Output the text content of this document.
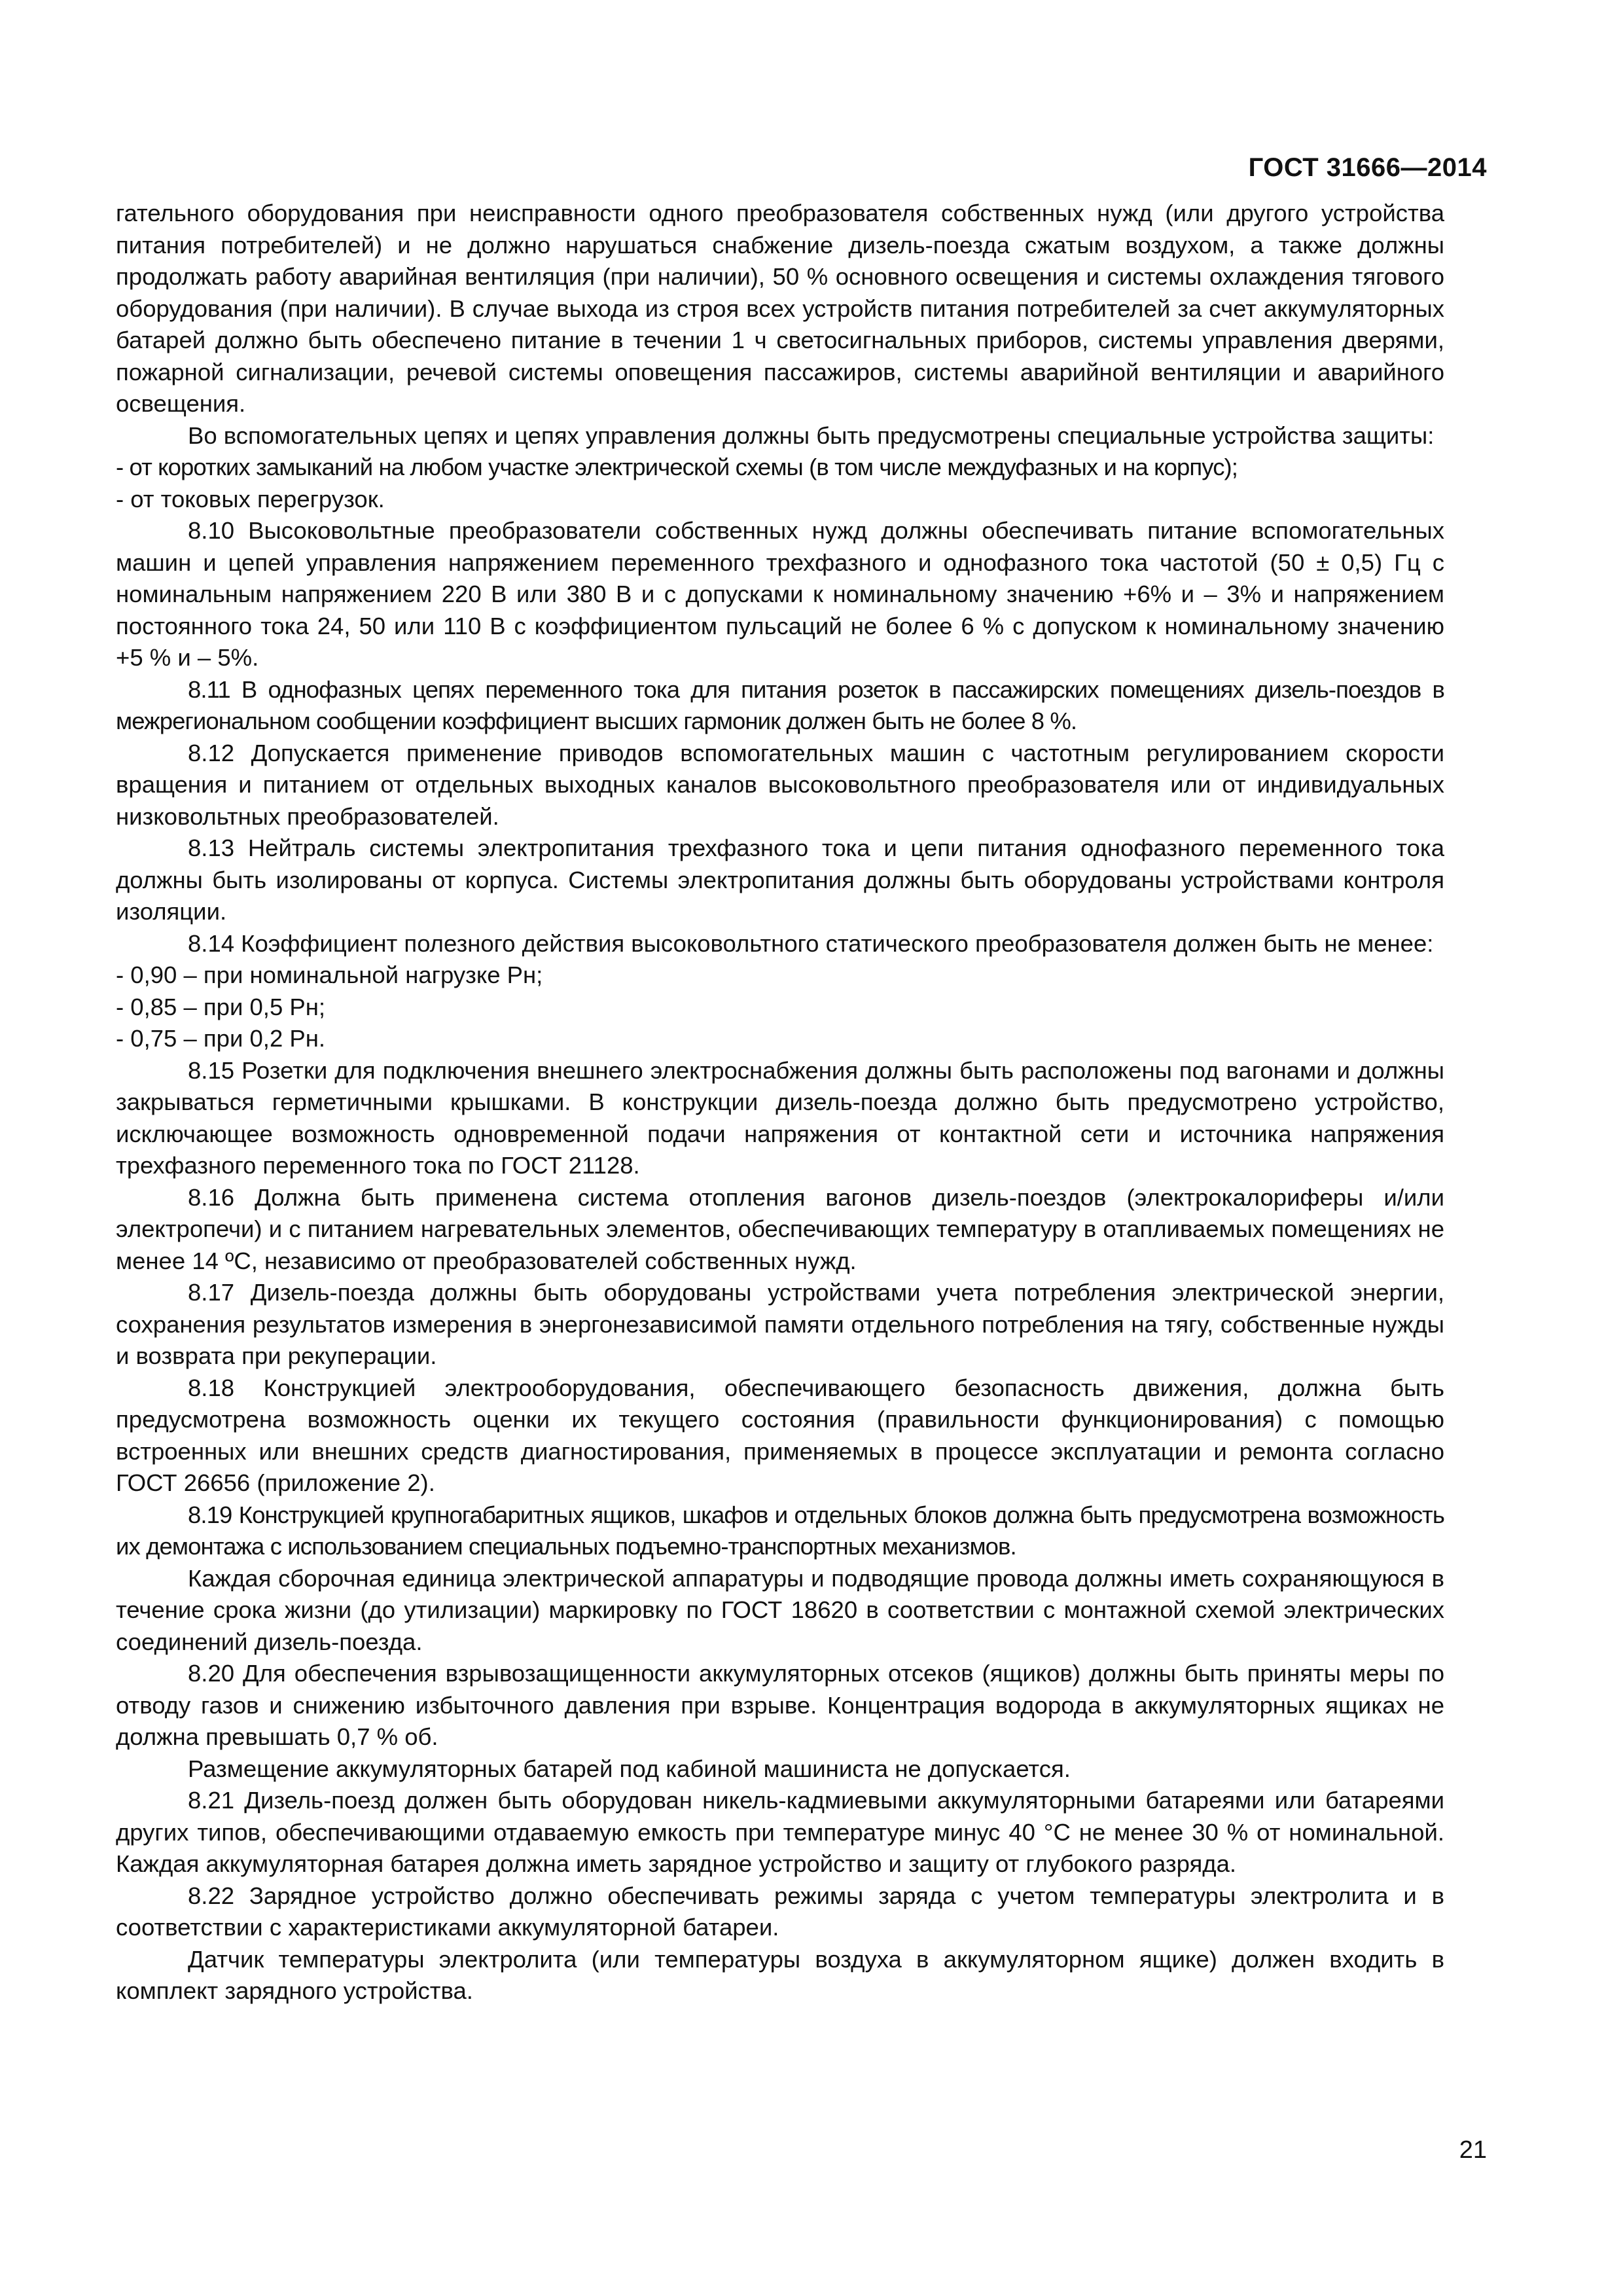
ГОСТ 31666—2014

гательного оборудования при неисправности одного преобразователя собственных нужд (или другого устройства питания потребителей) и не должно нарушаться снабжение дизель-поезда сжатым воздухом, а также должны продолжать работу аварийная вентиляция (при наличии), 50 % основного освещения и системы охлаждения тягового оборудования (при наличии). В случае выхода из строя всех устройств питания потребителей за счет аккумуляторных батарей должно быть обеспечено питание в течении 1 ч светосигнальных приборов, системы управления дверями, пожарной сигнализации, речевой системы оповещения пассажиров, системы аварийной вентиляции и аварийного освещения.

Во вспомогательных цепях и цепях управления должны быть предусмотрены специальные устройства защиты:

- от коротких замыканий на любом участке электрической схемы (в том числе междуфазных и на корпус);

- от токовых перегрузок.

8.10 Высоковольтные преобразователи собственных нужд должны обеспечивать питание вспомогательных машин и цепей управления напряжением переменного трехфазного и однофазного тока частотой (50 ± 0,5) Гц с номинальным напряжением 220 В или 380 В и с допусками к номинальному значению +6% и – 3% и напряжением постоянного тока 24, 50 или 110 В с коэффициентом пульсаций не более 6 % с допуском к номинальному значению +5 % и – 5%.

8.11 В однофазных цепях переменного тока для питания розеток в пассажирских помещениях дизель-поездов в межрегиональном сообщении коэффициент высших гармоник должен быть не более 8 %.

8.12 Допускается применение приводов вспомогательных машин с частотным регулированием скорости вращения и питанием от отдельных выходных каналов высоковольтного преобразователя или от индивидуальных низковольтных преобразователей.

8.13 Нейтраль системы электропитания трехфазного тока и цепи питания однофазного переменного тока должны быть изолированы от корпуса. Системы электропитания должны быть оборудованы устройствами контроля изоляции.

8.14 Коэффициент полезного действия высоковольтного статического преобразователя должен быть не менее:

- 0,90 – при номинальной нагрузке Рн;

- 0,85 – при 0,5 Рн;

- 0,75 – при 0,2 Рн.

8.15 Розетки для подключения внешнего электроснабжения должны быть расположены под вагонами и должны закрываться герметичными крышками. В конструкции дизель-поезда должно быть предусмотрено устройство, исключающее возможность одновременной подачи напряжения от контактной сети и источника напряжения трехфазного переменного тока по ГОСТ 21128.

8.16 Должна быть применена система отопления вагонов дизель-поездов (электрокалориферы и/или электропечи) и с питанием нагревательных элементов, обеспечивающих температуру в отапливаемых помещениях не менее 14 ºС, независимо от преобразователей собственных нужд.

8.17 Дизель-поезда должны быть оборудованы устройствами учета потребления электрической энергии, сохранения результатов измерения в энергонезависимой памяти отдельного потребления на тягу, собственные нужды и возврата при рекуперации.

8.18 Конструкцией электрооборудования, обеспечивающего безопасность движения, должна быть предусмотрена возможность оценки их текущего состояния (правильности функционирования) с помощью встроенных или внешних средств диагностирования, применяемых в процессе эксплуатации и ремонта согласно ГОСТ 26656 (приложение 2).

8.19 Конструкцией крупногабаритных ящиков, шкафов и отдельных блоков должна быть предусмотрена возможность их демонтажа с использованием специальных подъемно-транспортных механизмов.

Каждая сборочная единица электрической аппаратуры и подводящие провода должны иметь сохраняющуюся в течение срока жизни (до утилизации) маркировку по ГОСТ 18620 в соответствии с монтажной схемой электрических соединений дизель-поезда.

8.20 Для обеспечения взрывозащищенности аккумуляторных отсеков (ящиков) должны быть приняты меры по отводу газов и снижению избыточного давления при взрыве. Концентрация водорода в аккумуляторных ящиках не должна превышать 0,7 % об.

Размещение аккумуляторных батарей под кабиной машиниста не допускается.

8.21 Дизель-поезд должен быть оборудован никель-кадмиевыми аккумуляторными батареями или батареями других типов, обеспечивающими отдаваемую емкость при температуре минус 40 °С не менее 30 % от номинальной. Каждая аккумуляторная батарея должна иметь зарядное устройство и защиту от глубокого разряда.

8.22 Зарядное устройство должно обеспечивать режимы заряда с учетом температуры электролита и в соответствии с характеристиками аккумуляторной батареи.

Датчик температуры электролита (или температуры воздуха в аккумуляторном ящике) должен входить в комплект зарядного устройства.

21
